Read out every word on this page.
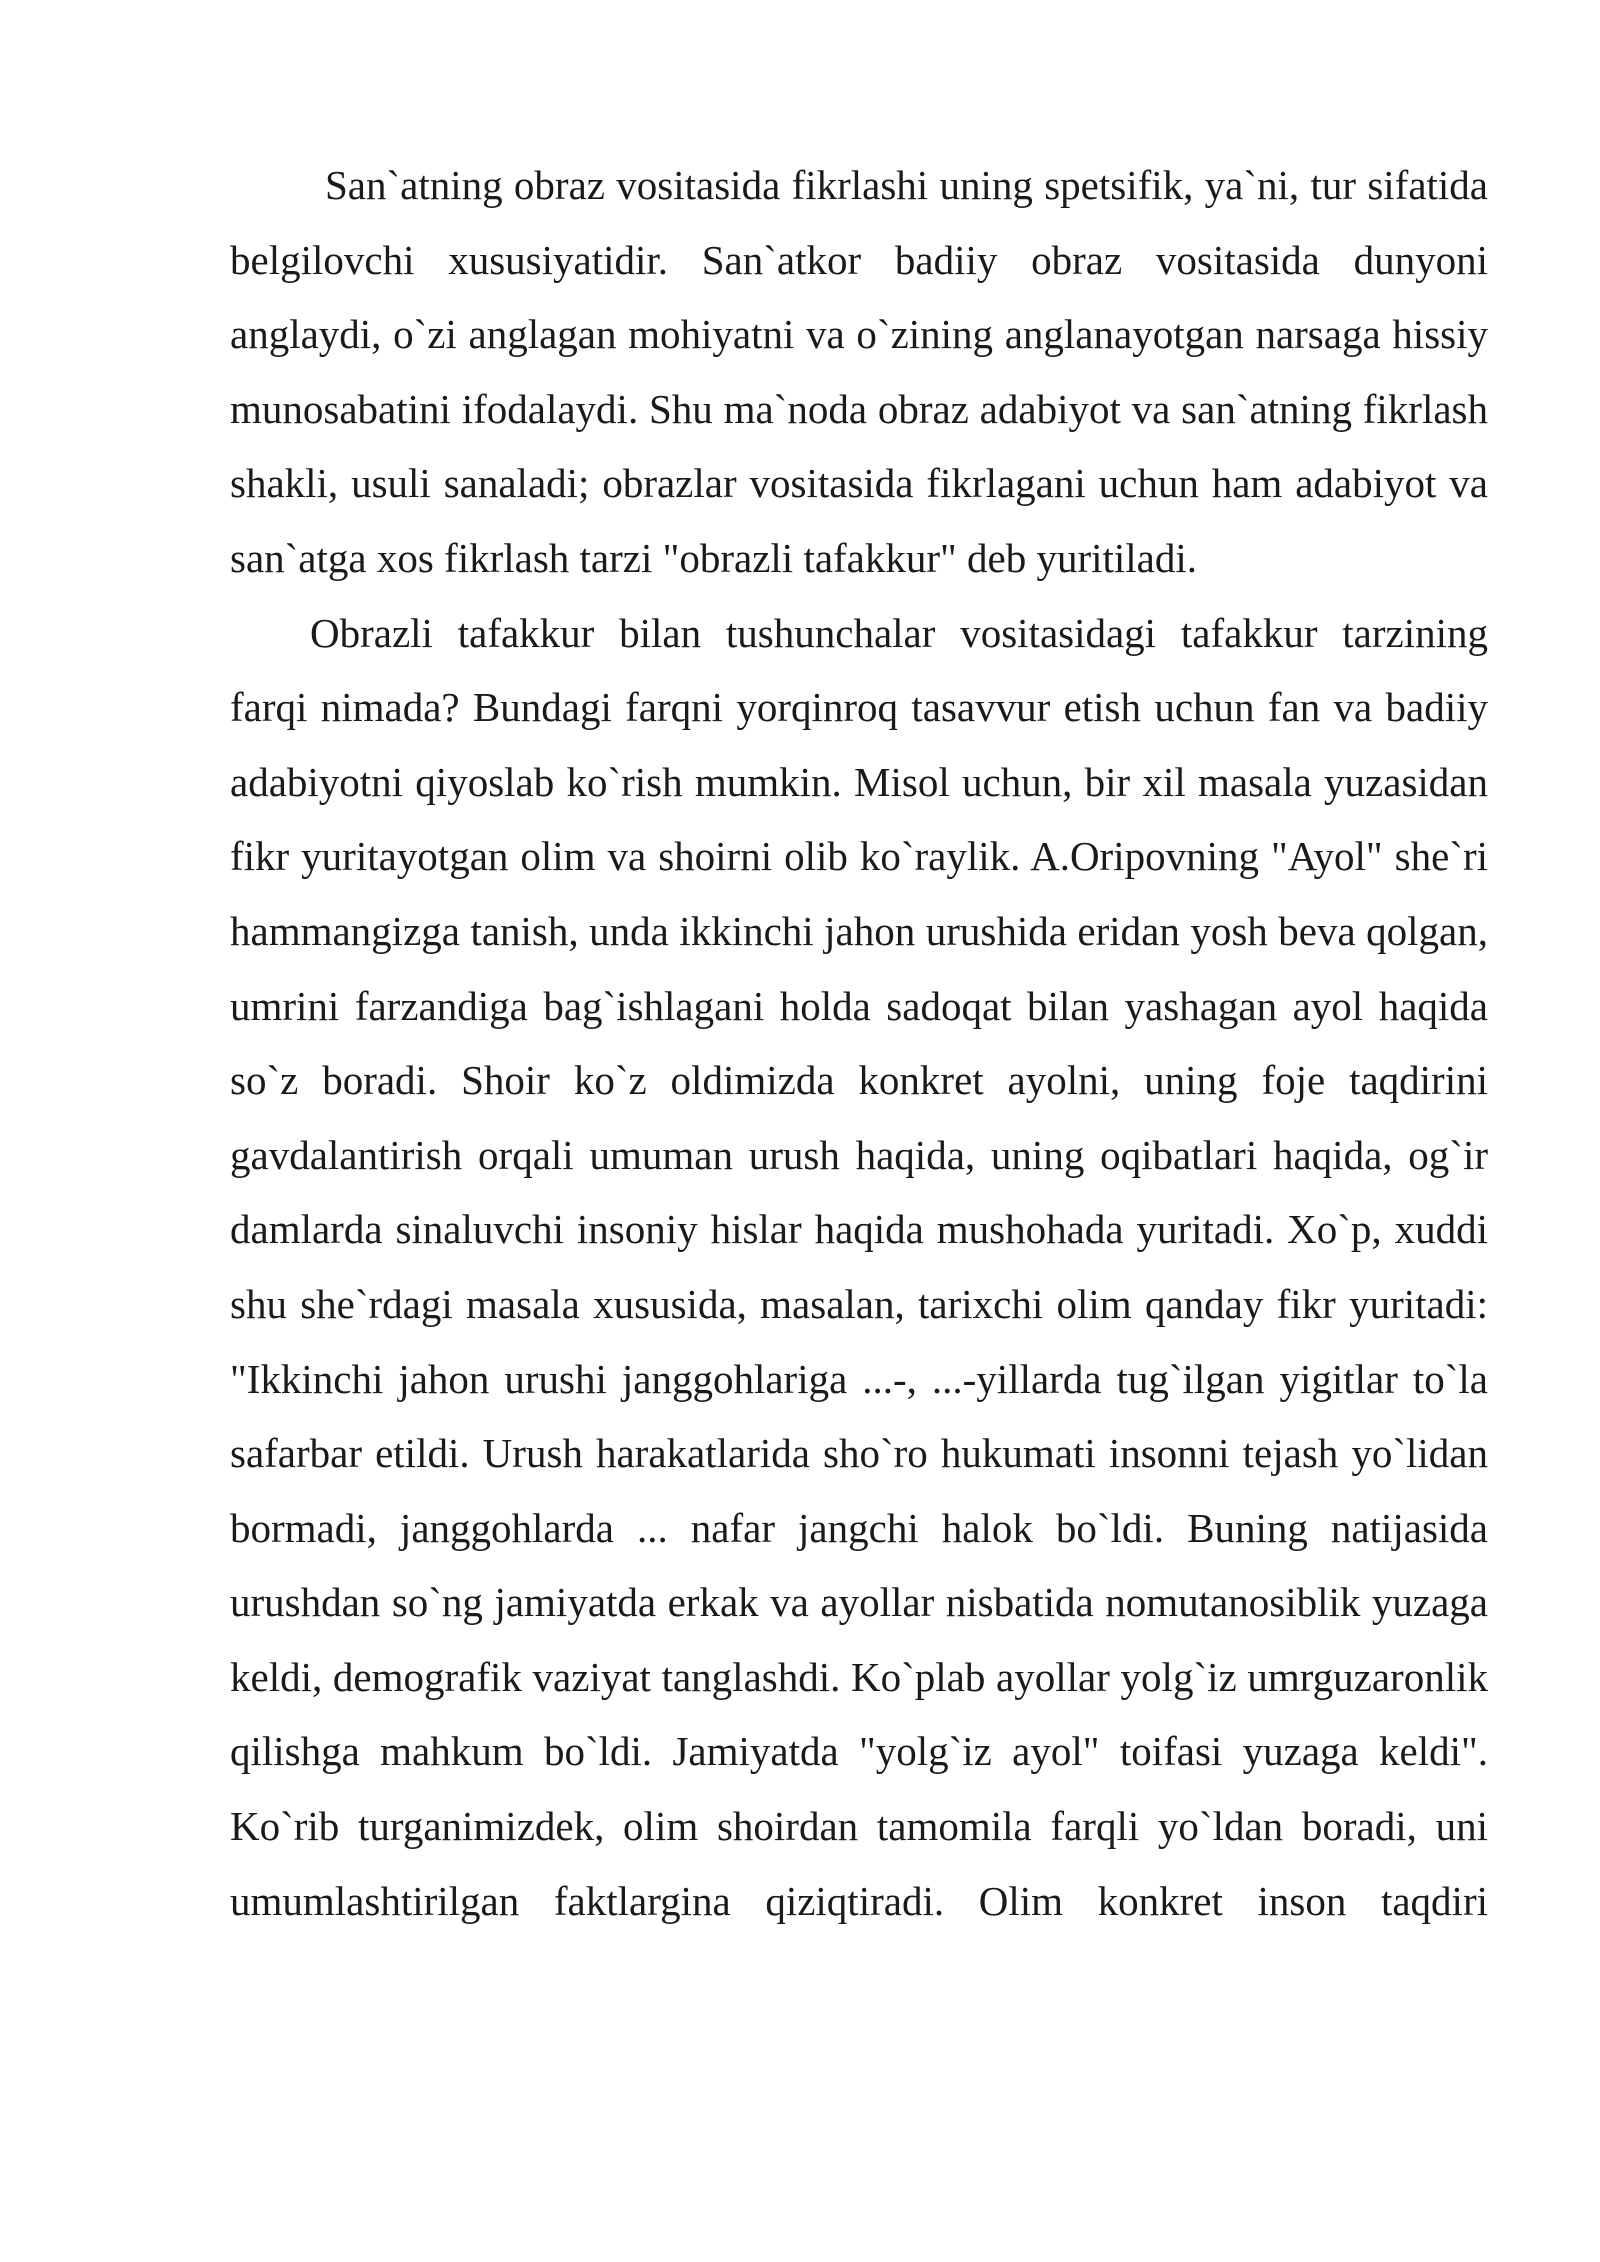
San`atning obraz vositasida fikrlashi uning spetsifik, ya`ni, tur sifatida belgilovchi xususiyatidir. San`atkor badiiy obraz vositasida dunyoni anglaydi, o`zi anglagan mohiyatni va o`zining anglanayotgan narsaga hissiy munosabatini ifodalaydi. Shu ma`noda obraz adabiyot va san`atning fikrlash shakli, usuli sanaladi; obrazlar vositasida fikrlagani uchun ham adabiyot va san`atga xos fikrlash tarzi "obrazli tafakkur" deb yuritiladi.

Obrazli tafakkur bilan tushunchalar vositasidagi tafakkur tarzining farqi nimada? Bundagi farqni yorqinroq tasavvur etish uchun fan va badiiy adabiyotni qiyoslab ko`rish mumkin. Misol uchun, bir xil masala yuzasidan fikr yuritayotgan olim va shoirni olib ko`raylik. A.Oripovning "Ayol" she`ri hammangizga tanish, unda ikkinchi jahon urushida eridan yosh beva qolgan, umrini farzandiga bag`ishlagani holda sadoqat bilan yashagan ayol haqida so`z boradi. Shoir ko`z oldimizda konkret ayolni, uning foje taqdirini gavdalantirish orqali umuman urush haqida, uning oqibatlari haqida, og`ir damlarda sinaluvchi insoniy hislar haqida mushohada yuritadi. Xo`p, xuddi shu she`rdagi masala xususida, masalan, tarixchi olim qanday fikr yuritadi: "Ikkinchi jahon urushi janggohlariga ...-, ...-yillarda tug`ilgan yigitlar to`la safarbar etildi. Urush harakatlarida sho`ro hukumati insonni tejash yo`lidan bormadi, janggohlarda ... nafar jangchi halok bo`ldi. Buning natijasida urushdan so`ng jamiyatda erkak va ayollar nisbatida nomutanosiblik yuzaga keldi, demografik vaziyat tanglashdi. Ko`plab ayollar yolg`iz umrguzaronlik qilishga mahkum bo`ldi. Jamiyatda "yolg`iz ayol" toifasi yuzaga keldi". Ko`rib turganimizdek, olim shoirdan tamomila farqli yo`ldan boradi, uni umumlashtirilgan faktlargina qiziqtiradi. Olim konkret inson taqdiri
